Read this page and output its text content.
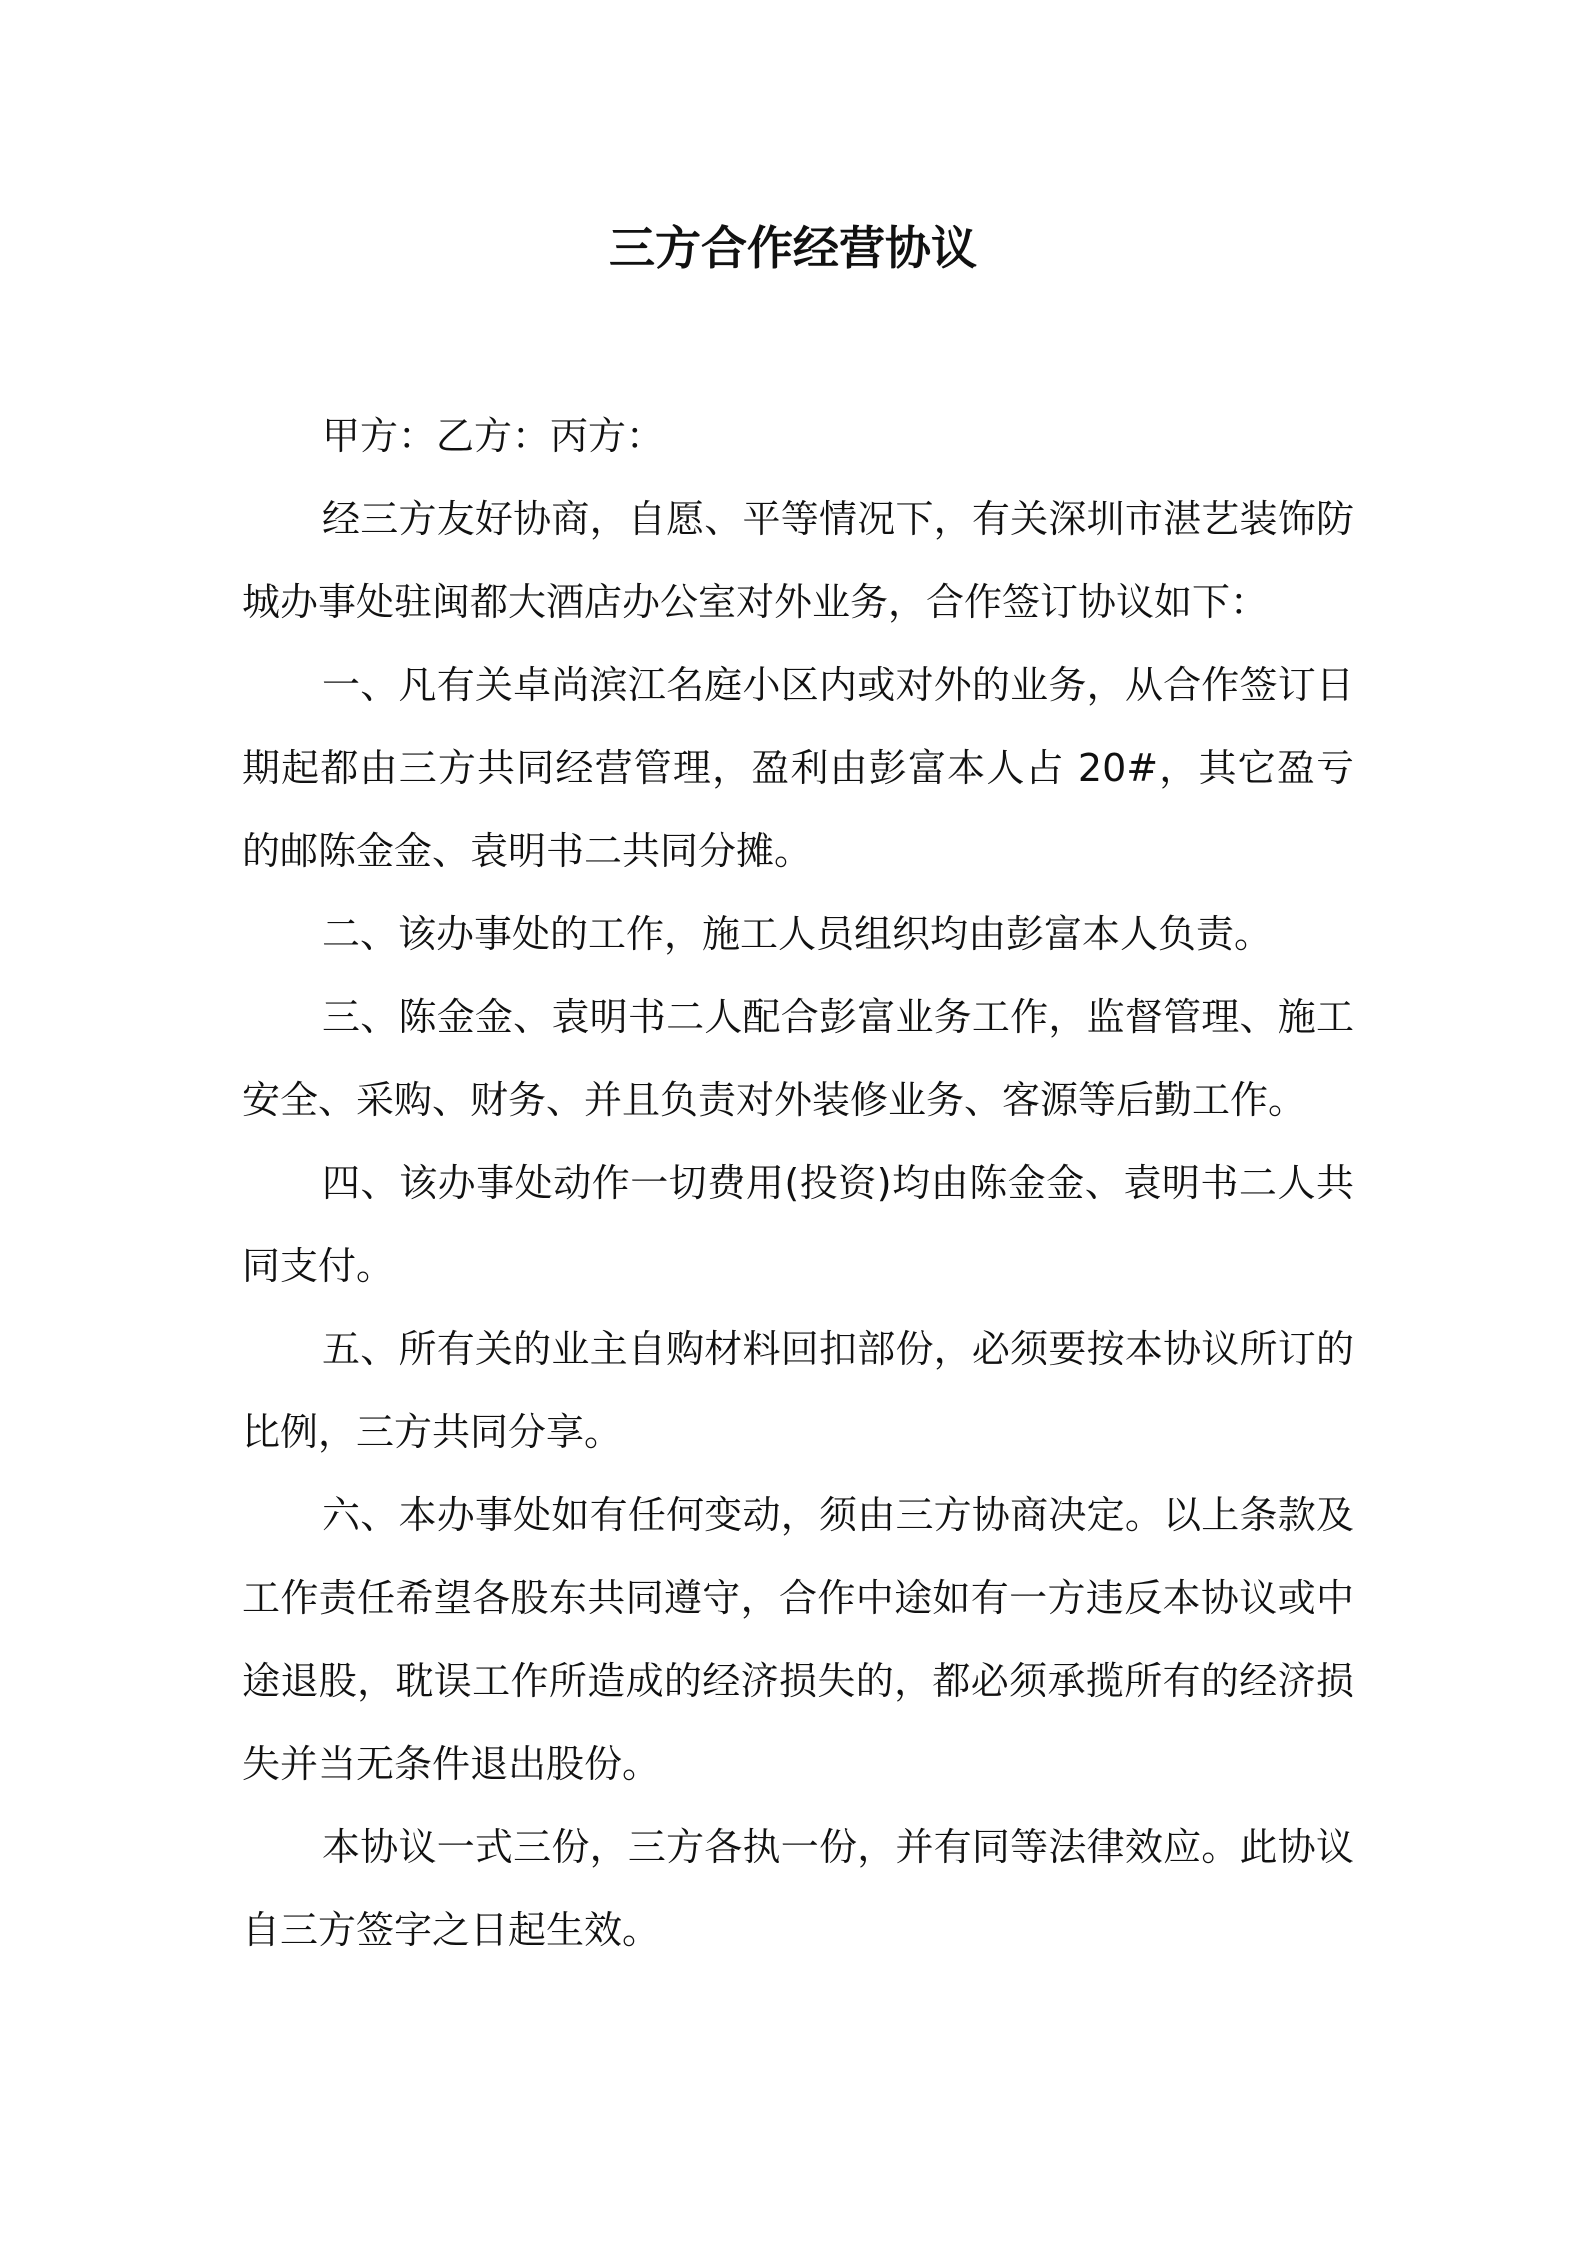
三方合作经营协议

甲方：乙方：丙方：

经三方友好协商，自愿、平等情况下，有关深圳市湛艺装饰防城办事处驻闽都大酒店办公室对外业务，合作签订协议如下：

一、凡有关卓尚滨江名庭小区内或对外的业务，从合作签订日期起都由三方共同经营管理，盈利由彭富本人占 20#，其它盈亏的邮陈金金、袁明书二共同分摊。

二、该办事处的工作，施工人员组织均由彭富本人负责。

三、陈金金、袁明书二人配合彭富业务工作，监督管理、施工安全、采购、财务、并且负责对外装修业务、客源等后勤工作。

四、该办事处动作一切费用(投资)均由陈金金、袁明书二人共同支付。

五、所有关的业主自购材料回扣部份，必须要按本协议所订的比例，三方共同分享。

六、本办事处如有任何变动，须由三方协商决定。以上条款及工作责任希望各股东共同遵守，合作中途如有一方违反本协议或中途退股，耽误工作所造成的经济损失的，都必须承揽所有的经济损失并当无条件退出股份。

本协议一式三份，三方各执一份，并有同等法律效应。此协议自三方签字之日起生效。
